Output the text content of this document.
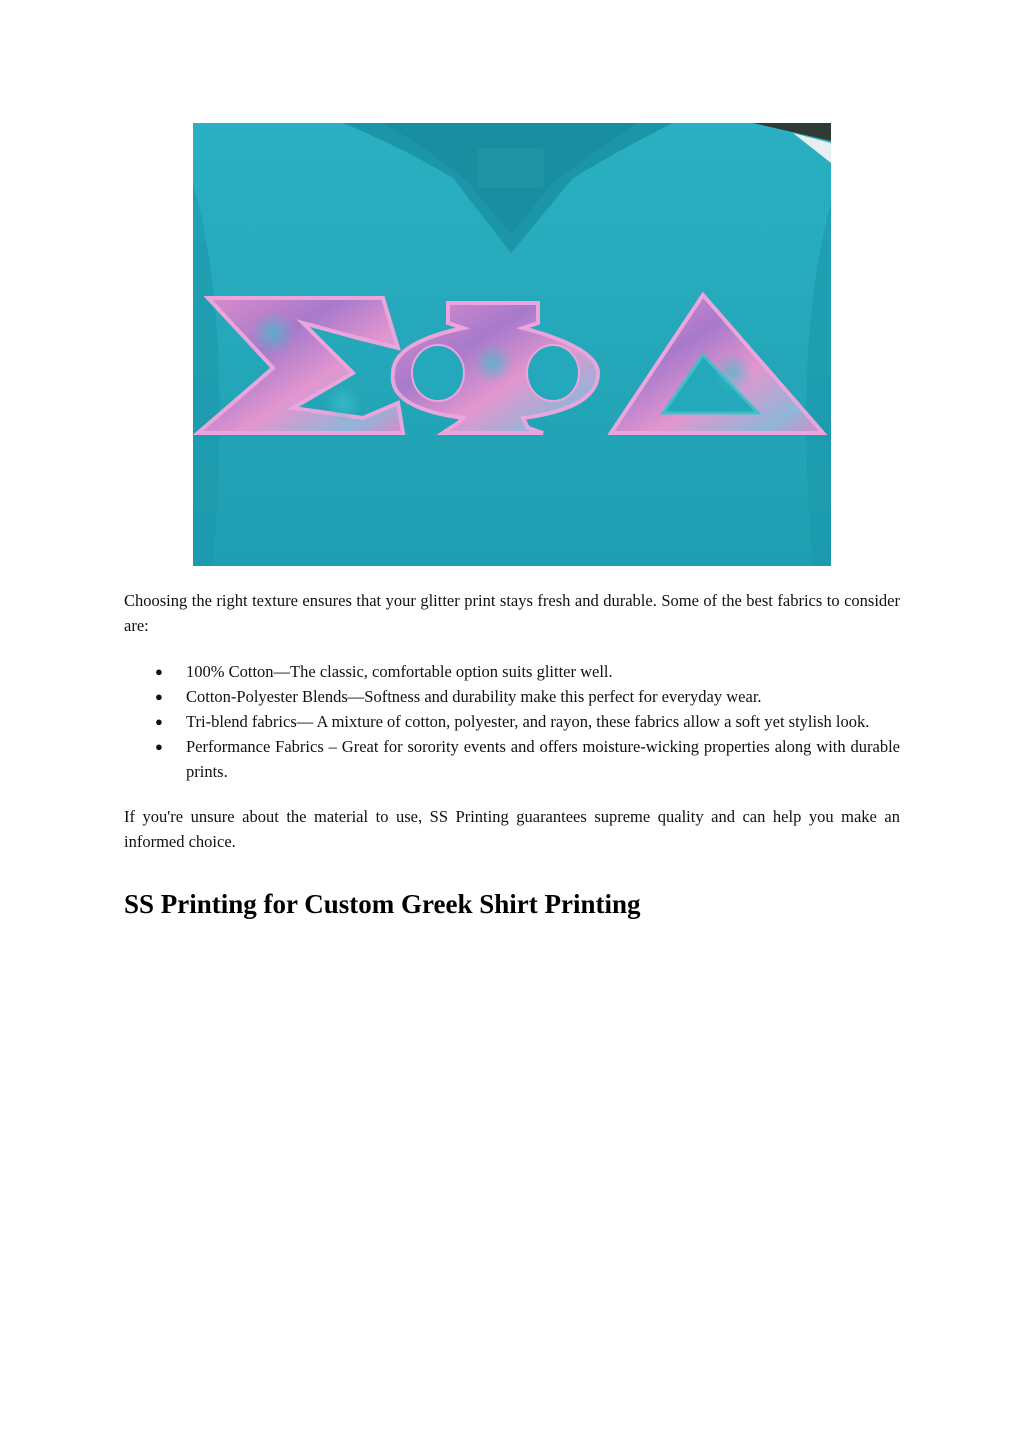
Choosing the right texture ensures that your glitter print stays fresh and durable. Some of the best fabrics to consider are:

● 100% Cotton—The classic, comfortable option suits glitter well.
● Cotton-Polyester Blends—Softness and durability make this perfect for everyday wear.
● Tri-blend fabrics— A mixture of cotton, polyester, and rayon, these fabrics allow a soft yet stylish look.
● Performance Fabrics – Great for sorority events and offers moisture-wicking properties along with durable prints.

If you're unsure about the material to use, SS Printing guarantees supreme quality and can help you make an informed choice.

SS Printing for Custom Greek Shirt Printing
